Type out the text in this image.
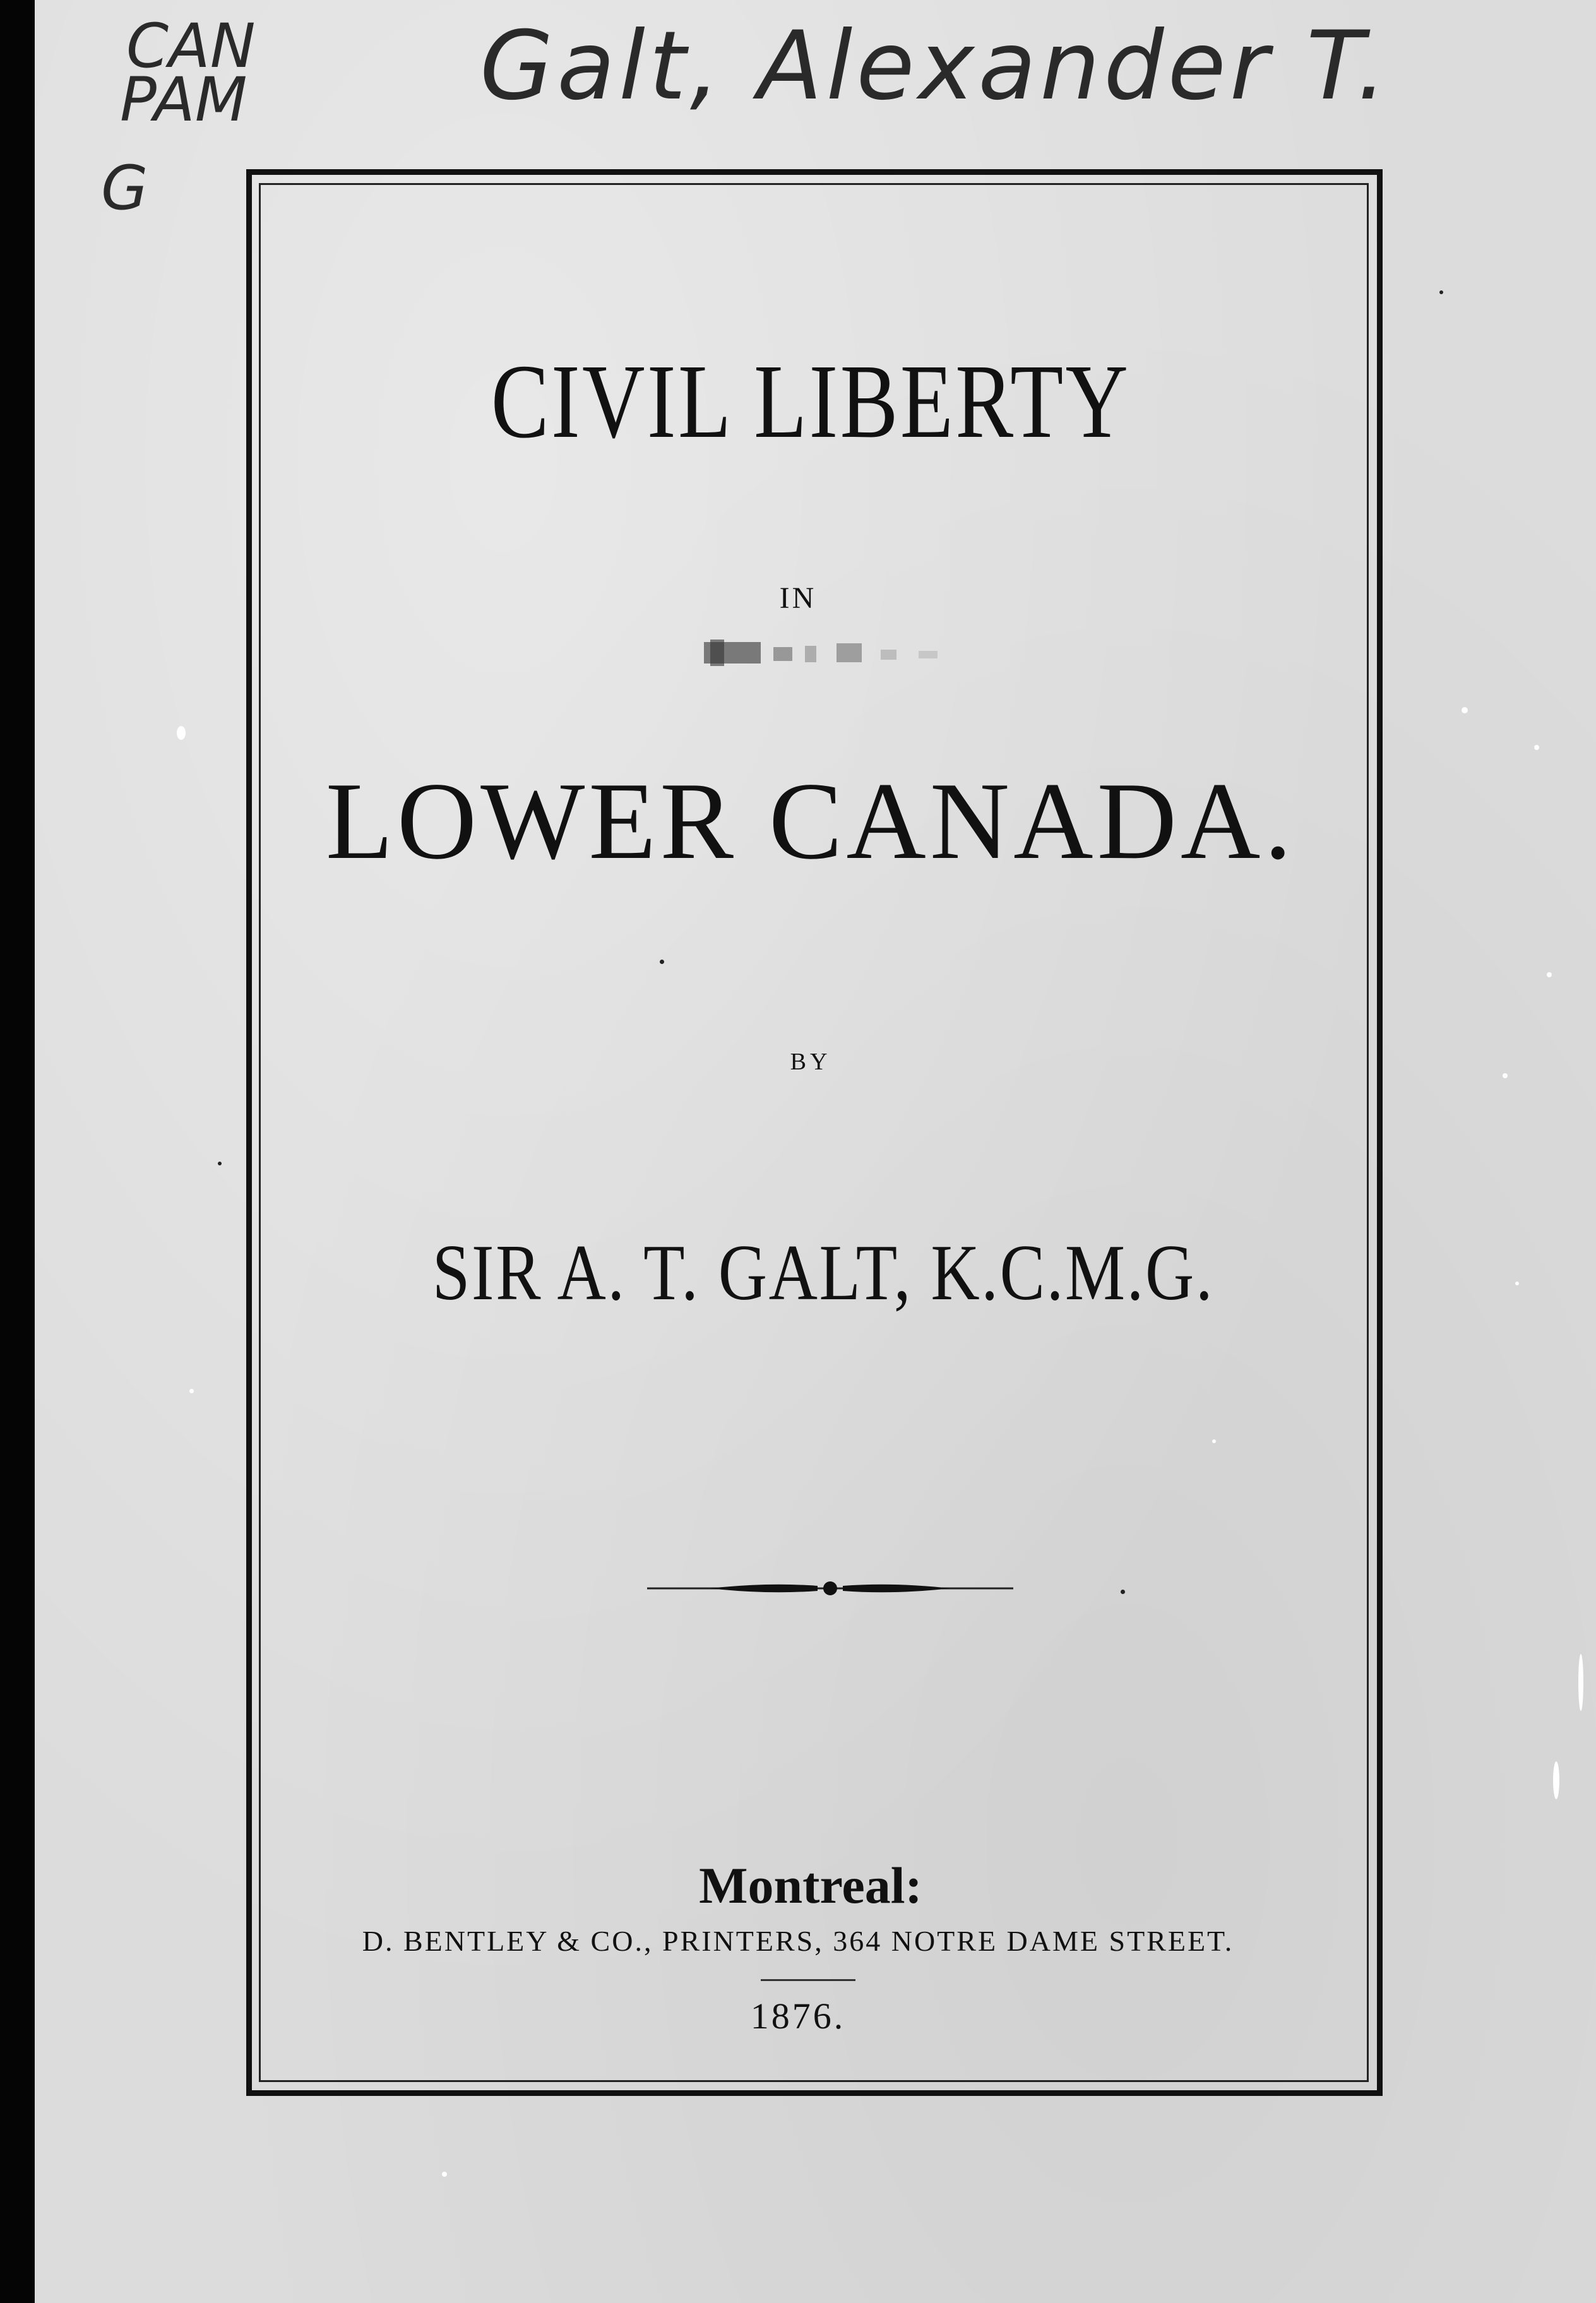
CAN
PAM
G
Galt, Alexander T.
CIVIL LIBERTY
IN
LOWER CANADA.
BY
SIR A. T. GALT, K.C.M.G.
Montreal:
D. BENTLEY & CO., PRINTERS, 364 NOTRE DAME STREET.
1876.
